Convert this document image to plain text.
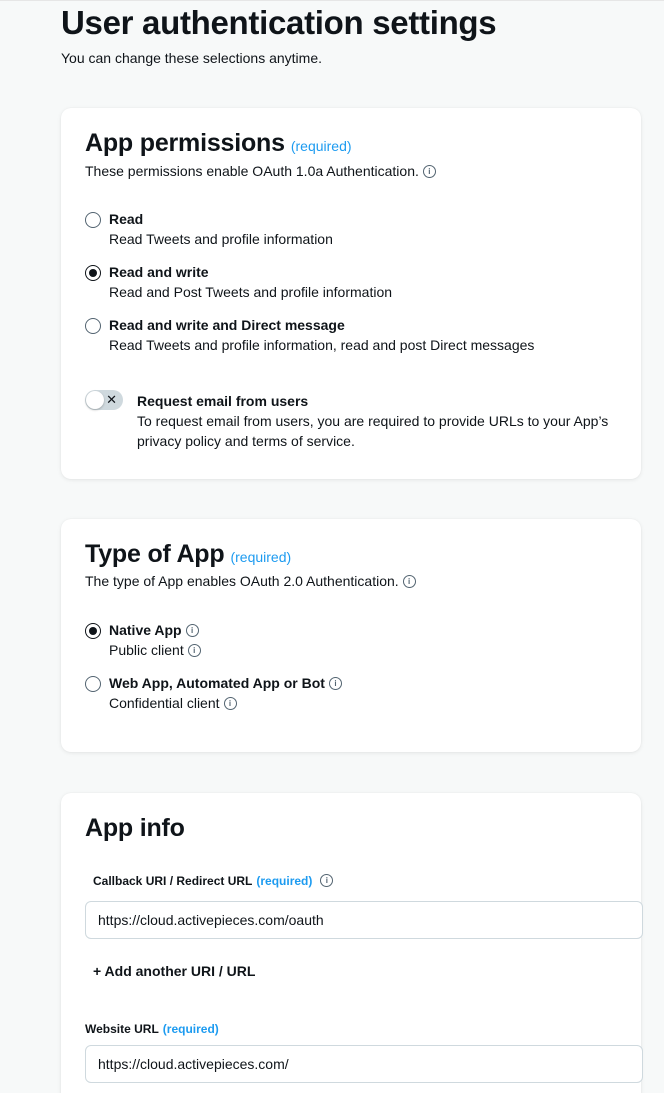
User authentication settings
You can change these selections anytime.
App permissions (required)
These permissions enable OAuth 1.0a Authentication. i
Read
Read Tweets and profile information
Read and write
Read and Post Tweets and profile information
Read and write and Direct message
Read Tweets and profile information, read and post Direct messages
✕ Request email from users
To request email from users, you are required to provide URLs to your App’s privacy policy and terms of service.
Type of App (required)
The type of App enables OAuth 2.0 Authentication. i
Native App i
Public client i
Web App, Automated App or Bot i
Confidential client i
App info
Callback URI / Redirect URL (required) i
https://cloud.activepieces.com/oauth
+ Add another URI / URL
Website URL (required)
https://cloud.activepieces.com/
